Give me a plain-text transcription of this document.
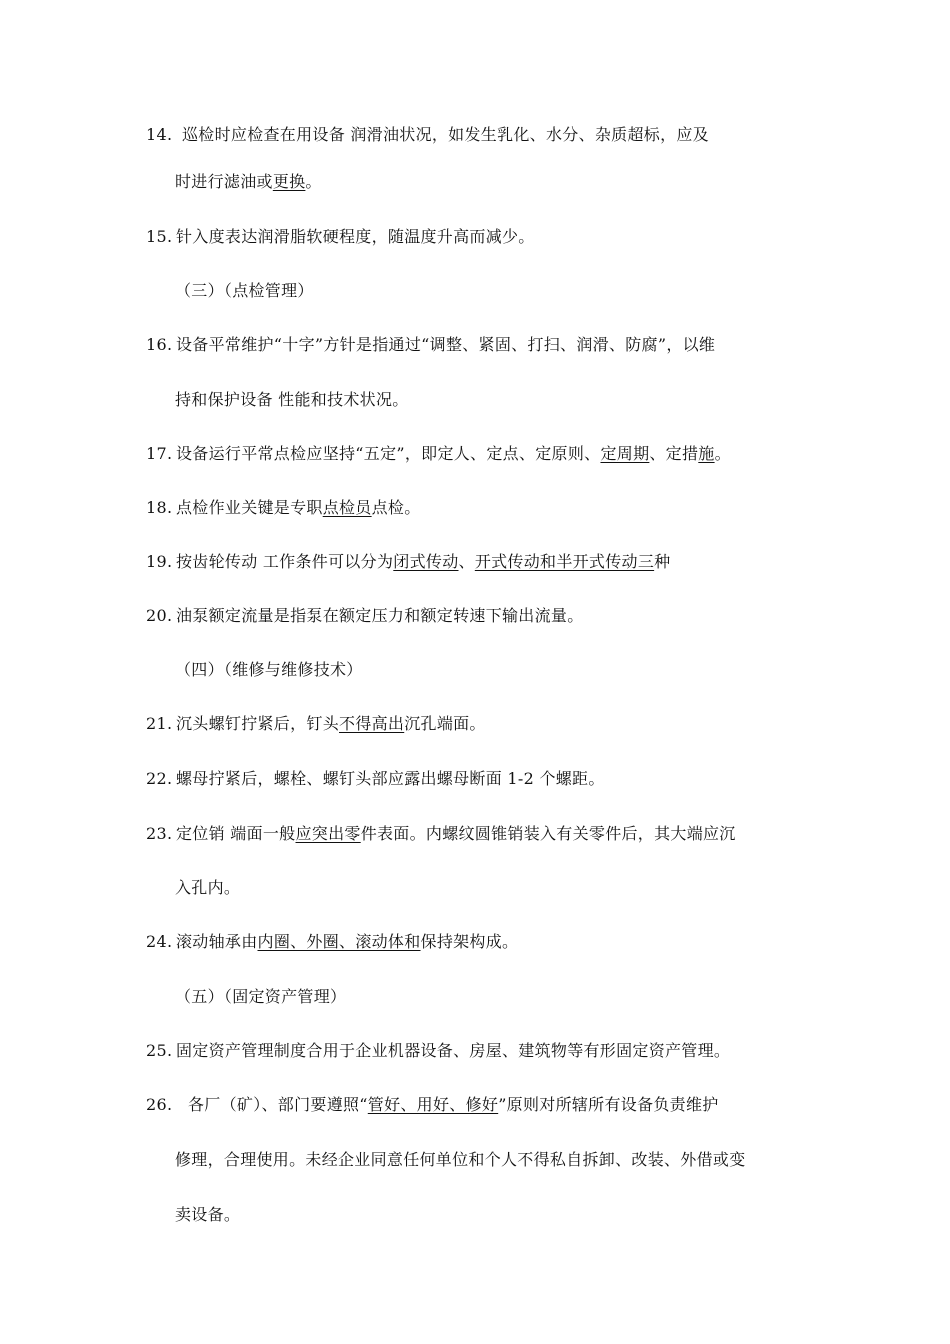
14. 巡检时应检查在用设备 润滑油状况，如发生乳化、水分、杂质超标，应及
时进行滤油或更换。
15. 针入度表达润滑脂软硬程度，随温度升高而减少。
（三）（点检管理）
16. 设备平常维护“十字”方针是指通过“调整、紧固、打扫、润滑、防腐”，以维
持和保护设备 性能和技术状况。
17. 设备运行平常点检应坚持“五定”，即定人、定点、定原则、定周期、定措施。
18. 点检作业关键是专职点检员点检。
19. 按齿轮传动 工作条件可以分为闭式传动、开式传动和半开式传动三种
20. 油泵额定流量是指泵在额定压力和额定转速下输出流量。
（四）（维修与维修技术）
21. 沉头螺钉拧紧后，钉头不得高出沉孔端面。
22. 螺母拧紧后，螺栓、螺钉头部应露出螺母断面 1-2 个螺距。
23. 定位销 端面一般应突出零件表面。内螺纹圆锥销装入有关零件后，其大端应沉
入孔内。
24. 滚动轴承由内圈、外圈、滚动体和保持架构成。
（五）（固定资产管理）
25. 固定资产管理制度合用于企业机器设备、房屋、建筑物等有形固定资产管理。
26. 各厂（矿）、部门要遵照“管好、用好、修好”原则对所辖所有设备负责维护
修理，合理使用。未经企业同意任何单位和个人不得私自拆卸、改装、外借或变
卖设备。
